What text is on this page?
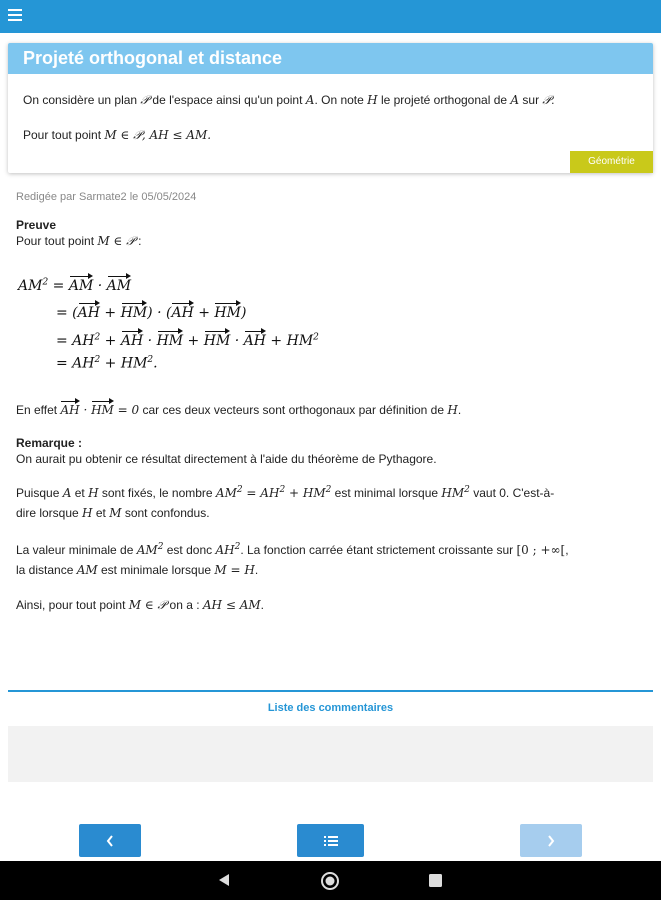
Projeté orthogonal et distance
On considère un plan 𝒫 de l'espace ainsi qu'un point A. On note H le projeté orthogonal de A sur 𝒫.
Pour tout point M ∈ 𝒫, AH ≤ AM.
Géométrie
Redigée par Sarmate2 le 05/05/2024
Preuve
Pour tout point M ∈ 𝒫 :
$AM^2$ = AM · AM
= (AH + HM) · (AH + HM)
= $AH^2$ + AH · HM + HM · AH + $HM^2$
= $AH^2 + HM^2$.
En effet AH · HM = 0 car ces deux vecteurs sont orthogonaux par définition de H.
Remarque :
On aurait pu obtenir ce résultat directement à l'aide du théorème de Pythagore.
Puisque A et H sont fixés, le nombre $AM^2 = AH^2 + HM^2$ est minimal lorsque $HM^2$ vaut 0. C'est-à-
dire lorsque H et M sont confondus.
La valeur minimale de $AM^2$ est donc $AH^2$. La fonction carrée étant strictement croissante sur [0 ; +∞[,
la distance AM est minimale lorsque M = H.
Ainsi, pour tout point M ∈ 𝒫 on a : AH ≤ AM.
Liste des commentaires
